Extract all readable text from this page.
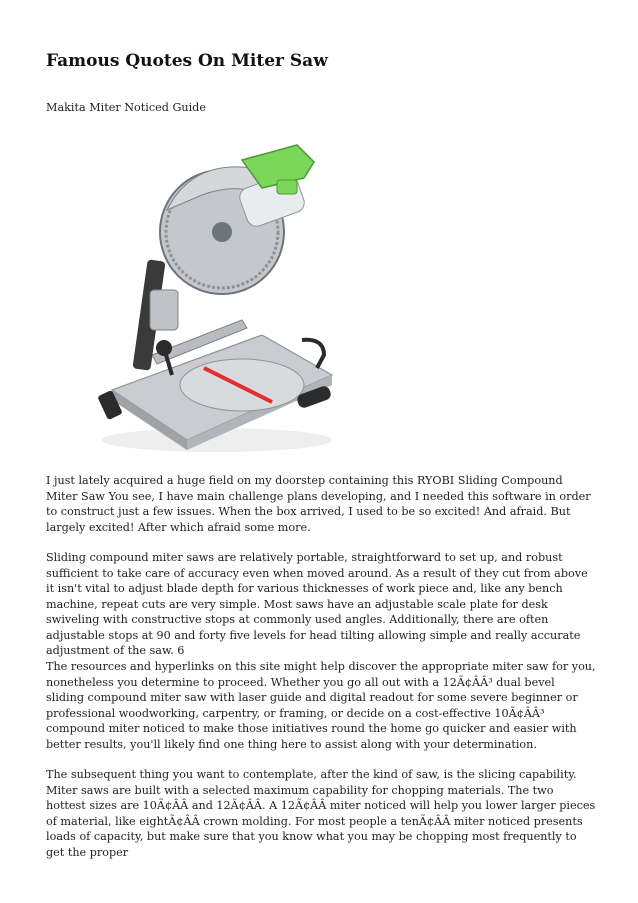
Famous Quotes On Miter Saw
Makita Miter Noticed Guide

I just lately acquired a huge field on my doorstep containing this RYOBI Sliding Compound Miter Saw You see, I have main challenge plans developing, and I needed this software in order to construct just a few issues. When the box arrived, I used to be so excited! And afraid. But largely excited! After which afraid some more.

Sliding compound miter saws are relatively portable, straightforward to set up, and robust sufficient to take care of accuracy even when moved around. As a result of they cut from above it isn't vital to adjust blade depth for various thicknesses of work piece and, like any bench machine, repeat cuts are very simple. Most saws have an adjustable scale plate for desk swiveling with constructive stops at commonly used angles. Additionally, there are often adjustable stops at 90 and forty five levels for head tilting allowing simple and really accurate adjustment of the saw. 6

The resources and hyperlinks on this site might help discover the appropriate miter saw for you, nonetheless you determine to proceed. Whether you go all out with a 12Ã¢ÂÂ³ dual bevel sliding compound miter saw with laser guide and digital readout for some severe beginner or professional woodworking, carpentry, or framing, or decide on a cost-effective 10Ã¢ÂÂ³ compound miter noticed to make those initiatives round the home go quicker and easier with better results, you'll likely find one thing here to assist along with your determination.

The subsequent thing you want to contemplate, after the kind of saw, is the slicing capability. Miter saws are built with a selected maximum capability for chopping materials. The two hottest sizes are 10Ã¢ÂÂ and 12Ã¢ÂÂ. A 12Ã¢ÂÂ miter noticed will help you lower larger pieces of material, like eightÃ¢ÂÂ crown molding. For most people a tenÃ¢ÂÂ miter noticed presents loads of capacity, but make sure that you know what you may be chopping most frequently to get the proper
